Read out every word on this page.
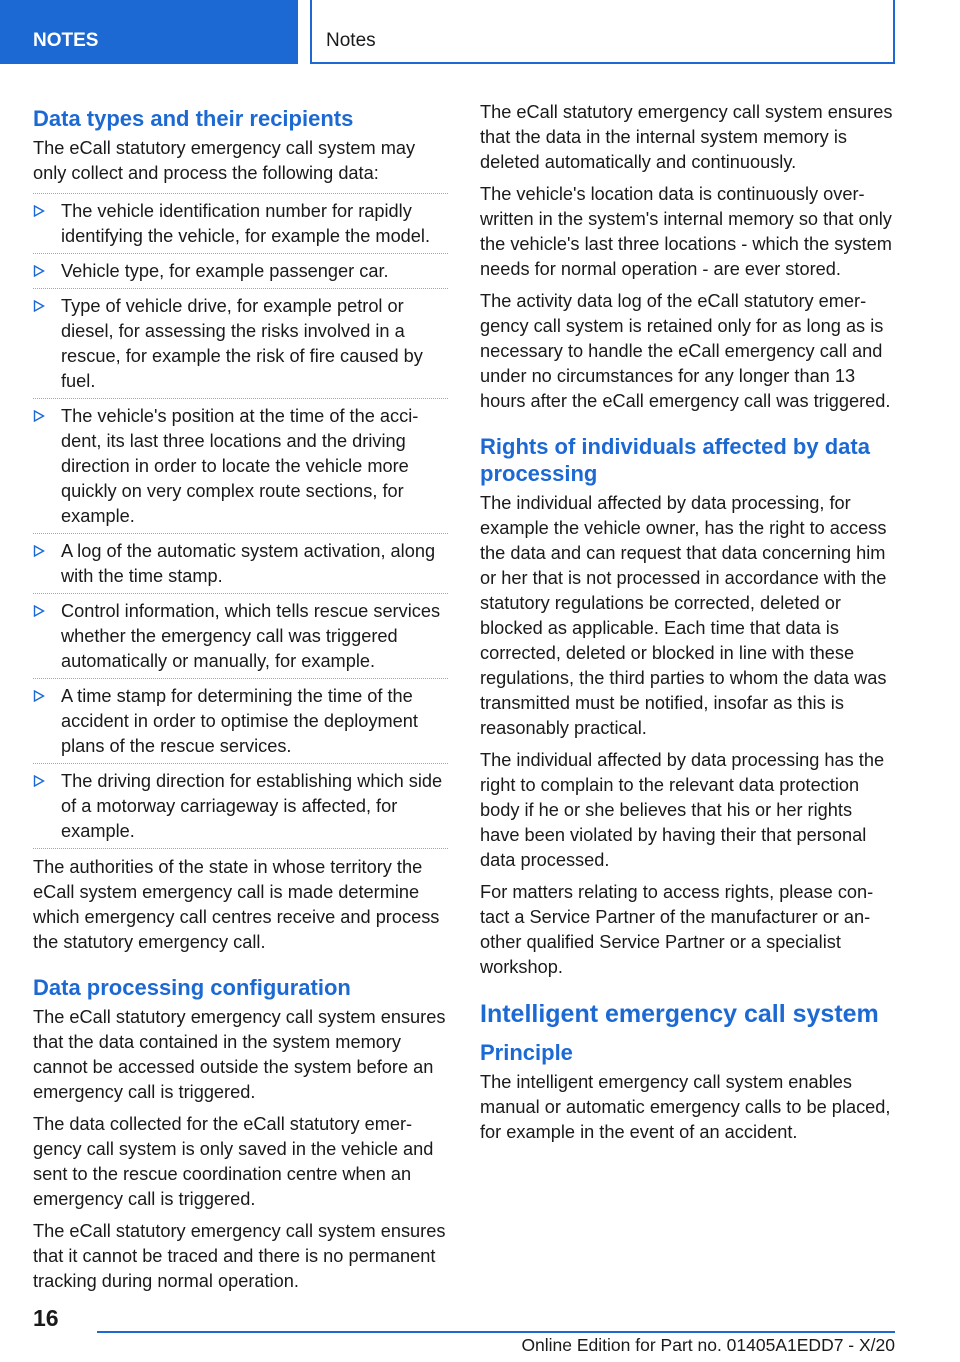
NOTES	Notes
Data types and their recipients

The eCall statutory emergency call system may only collect and process the following data:

The vehicle identification number for rapidly identifying the vehicle, for example the model.
Vehicle type, for example passenger car.
Type of vehicle drive, for example petrol or diesel, for assessing the risks involved in a rescue, for example the risk of fire caused by fuel.
The vehicle's position at the time of the accident, its last three locations and the driving direction in order to locate the vehicle more quickly on very complex route sections, for example.
A log of the automatic system activation, along with the time stamp.
Control information, which tells rescue services whether the emergency call was triggered automatically or manually, for example.
A time stamp for determining the time of the accident in order to optimise the deployment plans of the rescue services.
The driving direction for establishing which side of a motorway carriageway is affected, for example.

The authorities of the state in whose territory the eCall system emergency call is made determine which emergency call centres receive and process the statutory emergency call.

Data processing configuration

The eCall statutory emergency call system ensures that the data contained in the system memory cannot be accessed outside the system before an emergency call is triggered.

The data collected for the eCall statutory emergency call system is only saved in the vehicle and sent to the rescue coordination centre when an emergency call is triggered.

The eCall statutory emergency call system ensures that it cannot be traced and there is no permanent tracking during normal operation.

The eCall statutory emergency call system ensures that the data in the internal system memory is deleted automatically and continuously.

The vehicle's location data is continuously overwritten in the system's internal memory so that only the vehicle's last three locations - which the system needs for normal operation - are ever stored.

The activity data log of the eCall statutory emergency call system is retained only for as long as is necessary to handle the eCall emergency call and under no circumstances for any longer than 13 hours after the eCall emergency call was triggered.

Rights of individuals affected by data processing

The individual affected by data processing, for example the vehicle owner, has the right to access the data and can request that data concerning him or her that is not processed in accordance with the statutory regulations be corrected, deleted or blocked as applicable. Each time that data is corrected, deleted or blocked in line with these regulations, the third parties to whom the data was transmitted must be notified, insofar as this is reasonably practical.

The individual affected by data processing has the right to complain to the relevant data protection body if he or she believes that his or her rights have been violated by having their that personal data processed.

For matters relating to access rights, please contact a Service Partner of the manufacturer or another qualified Service Partner or a specialist workshop.

Intelligent emergency call system
Principle

The intelligent emergency call system enables manual or automatic emergency calls to be placed, for example in the event of an accident.

16
Online Edition for Part no. 01405A1EDD7 - X/20
